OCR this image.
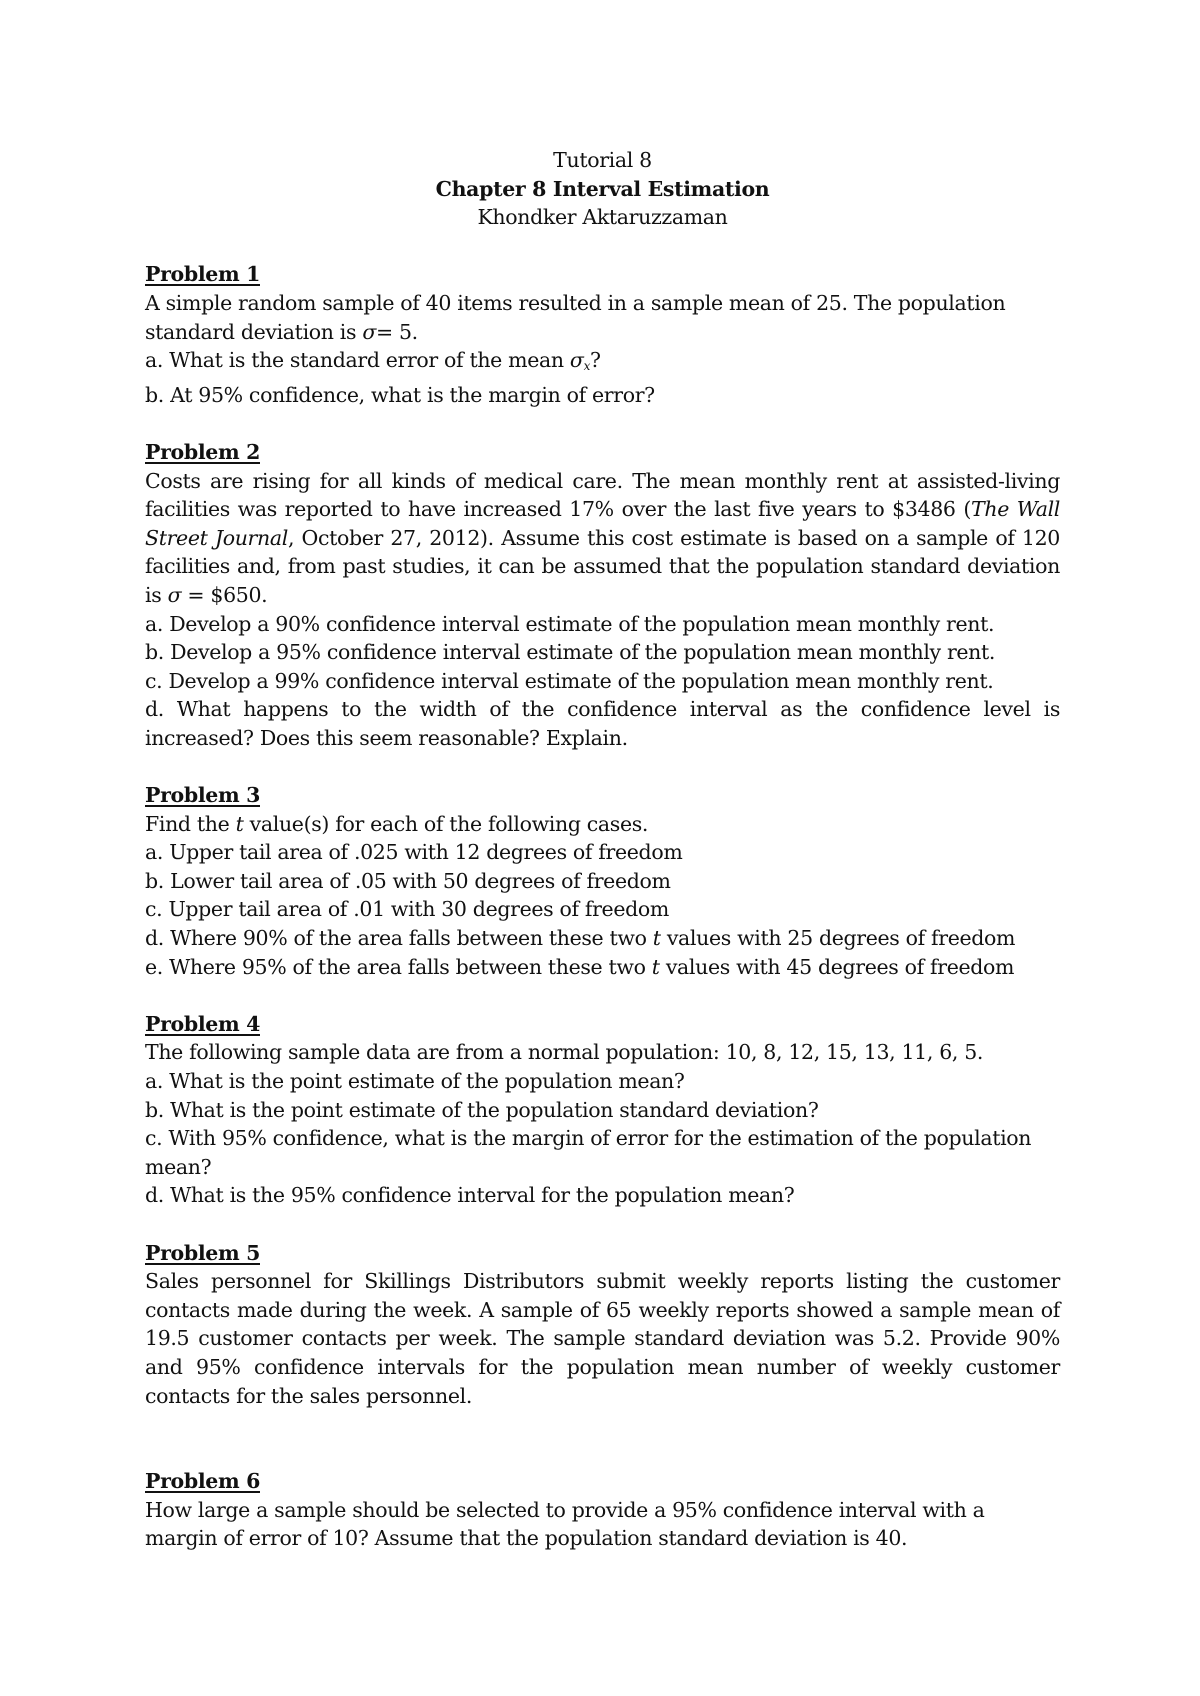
Tutorial 8
Chapter 8 Interval Estimation
Khondker Aktaruzzaman
Problem 1
A simple random sample of 40 items resulted in a sample mean of 25. The population standard deviation is σ= 5.
a. What is the standard error of the mean $\sigma_x$?
b. At 95% confidence, what is the margin of error?
Problem 2
Costs are rising for all kinds of medical care. The mean monthly rent at assisted-living facilities was reported to have increased 17% over the last five years to $3486 (The Wall Street Journal, October 27, 2012). Assume this cost estimate is based on a sample of 120 facilities and, from past studies, it can be assumed that the population standard deviation is σ = $650.
a. Develop a 90% confidence interval estimate of the population mean monthly rent.
b. Develop a 95% confidence interval estimate of the population mean monthly rent.
c. Develop a 99% confidence interval estimate of the population mean monthly rent.
d. What happens to the width of the confidence interval as the confidence level is increased? Does this seem reasonable? Explain.
Problem 3
Find the t value(s) for each of the following cases.
a. Upper tail area of .025 with 12 degrees of freedom
b. Lower tail area of .05 with 50 degrees of freedom
c. Upper tail area of .01 with 30 degrees of freedom
d. Where 90% of the area falls between these two t values with 25 degrees of freedom
e. Where 95% of the area falls between these two t values with 45 degrees of freedom
Problem 4
The following sample data are from a normal population: 10, 8, 12, 15, 13, 11, 6, 5.
a. What is the point estimate of the population mean?
b. What is the point estimate of the population standard deviation?
c. With 95% confidence, what is the margin of error for the estimation of the population mean?
d. What is the 95% confidence interval for the population mean?
Problem 5
Sales personnel for Skillings Distributors submit weekly reports listing the customer contacts made during the week. A sample of 65 weekly reports showed a sample mean of 19.5 customer contacts per week. The sample standard deviation was 5.2. Provide 90% and 95% confidence intervals for the population mean number of weekly customer contacts for the sales personnel.
Problem 6
How large a sample should be selected to provide a 95% confidence interval with a margin of error of 10? Assume that the population standard deviation is 40.
